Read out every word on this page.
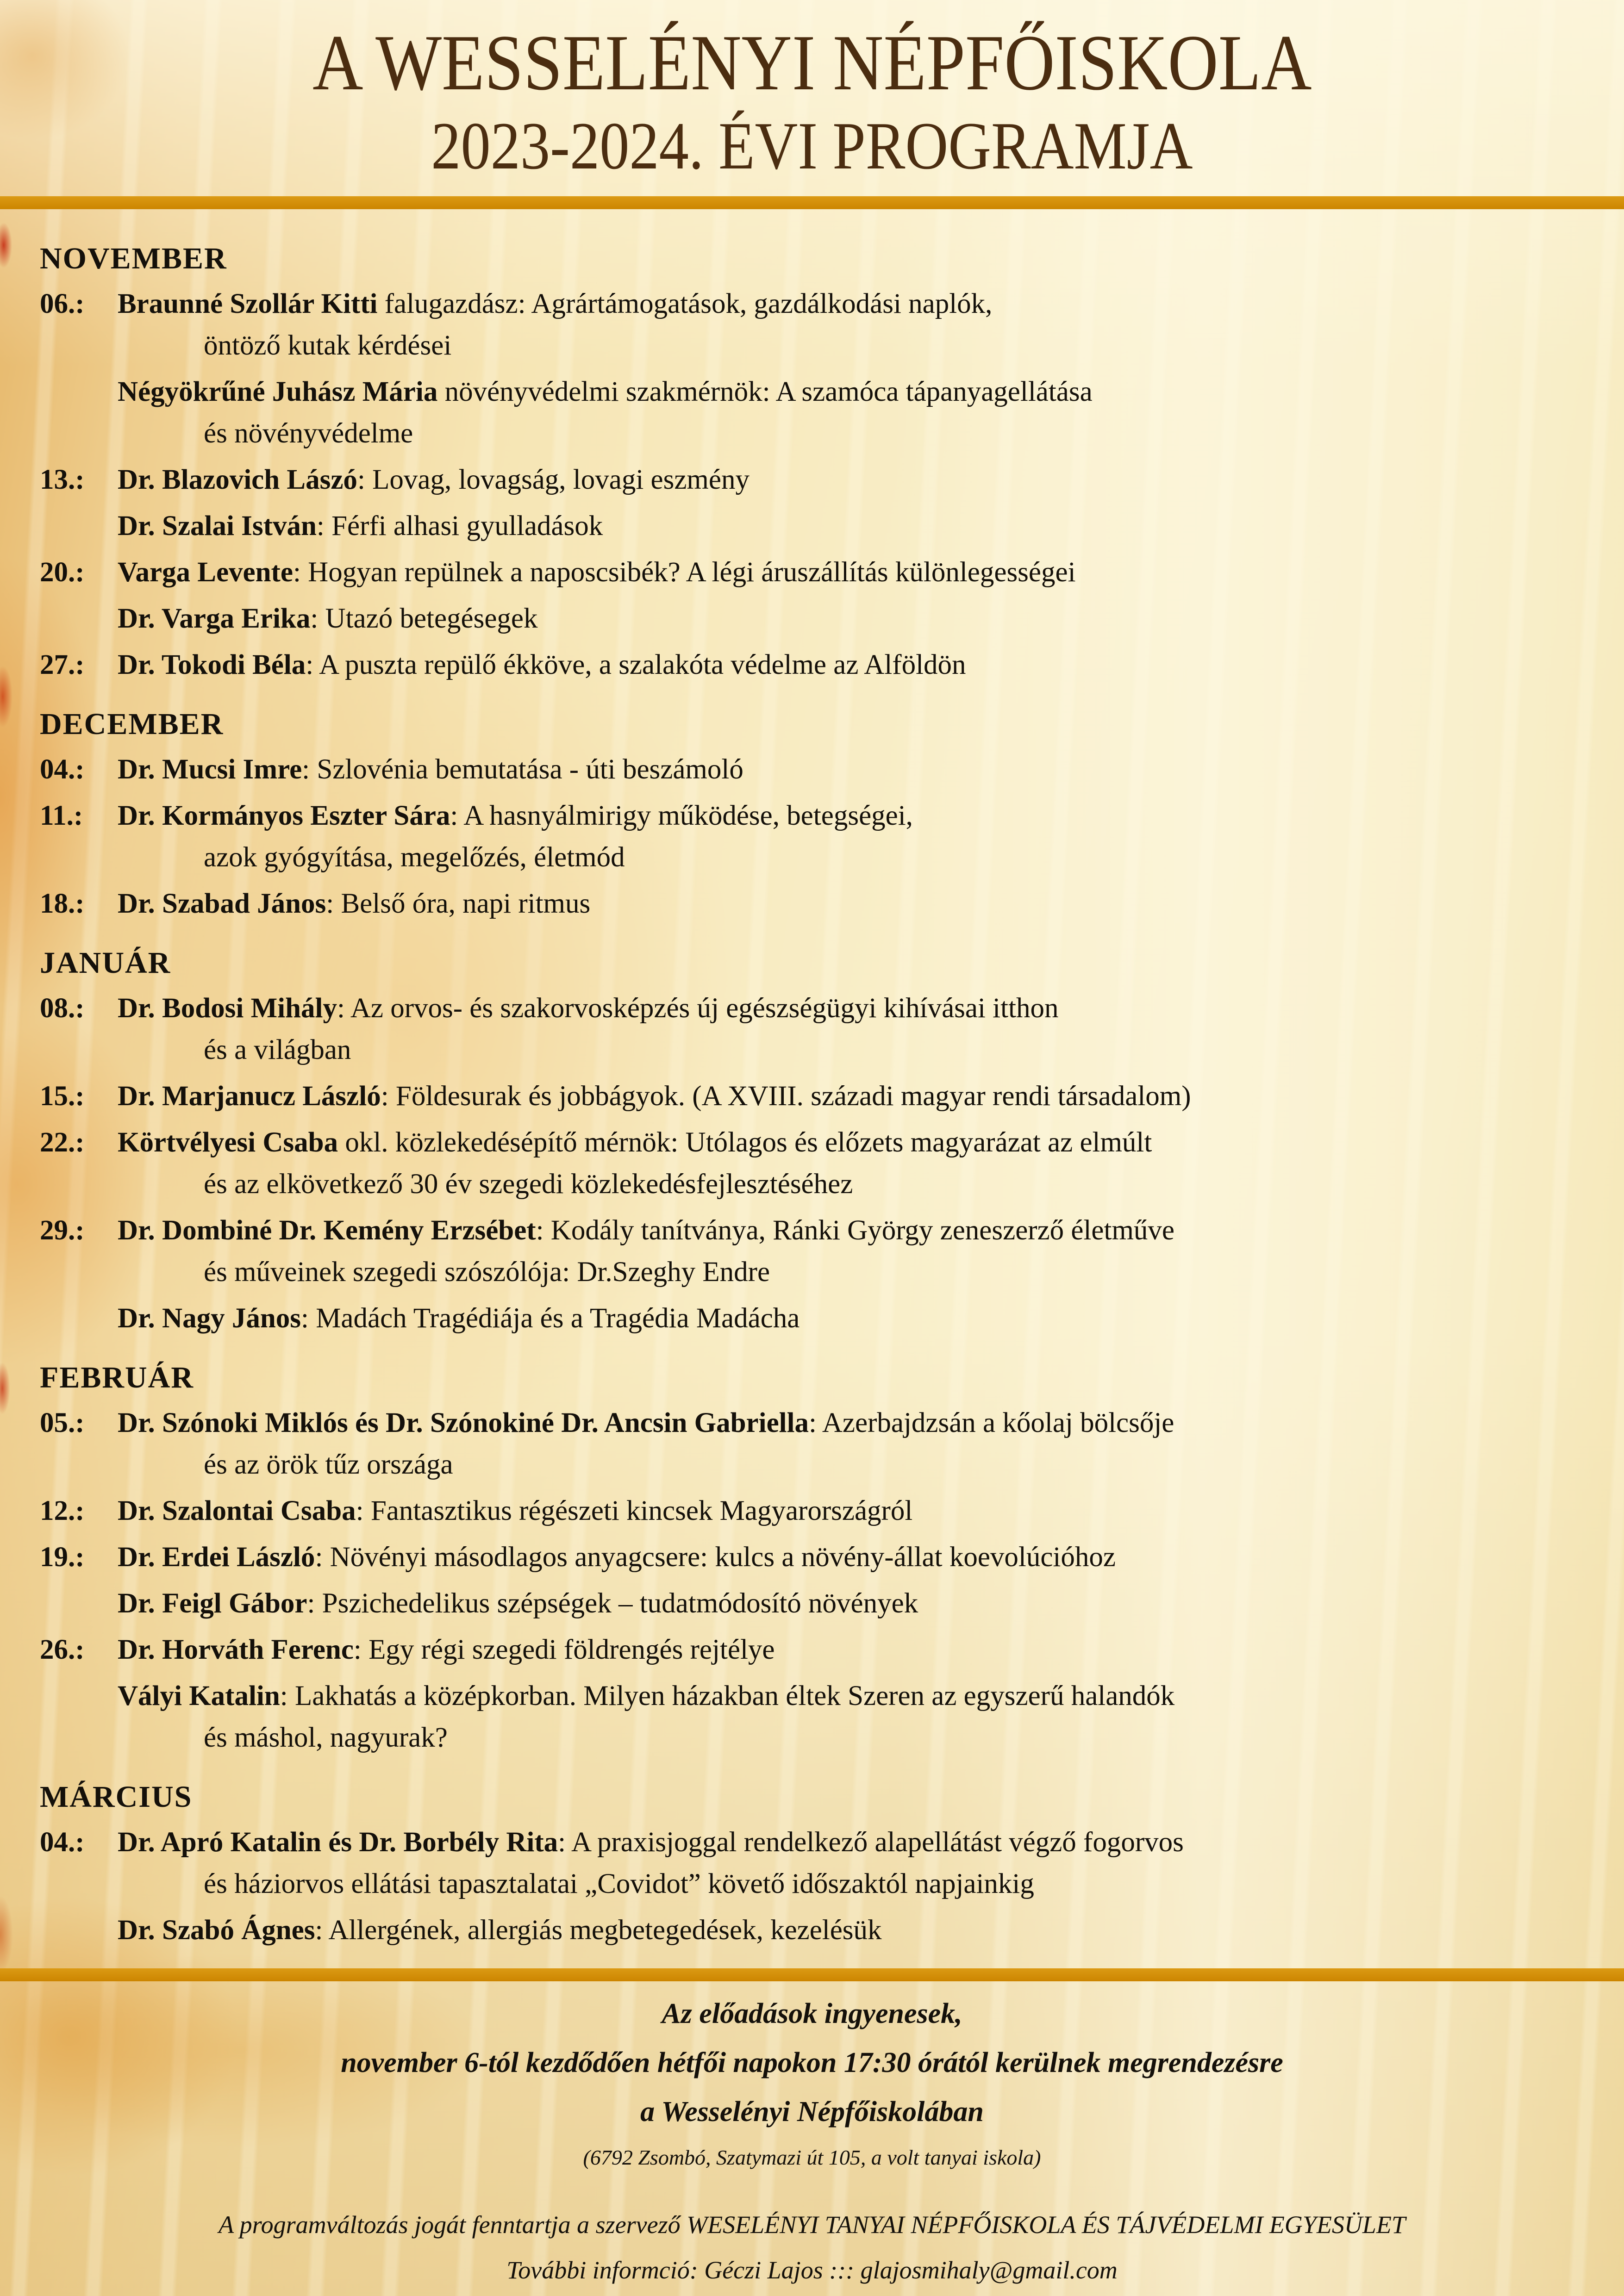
A WESSELÉNYI NÉPFŐISKOLA
2023-2024. ÉVI PROGRAMJA
NOVEMBER
06.:	Braunné Szollár Kitti falugazdász: Agrártámogatások, gazdálkodási naplók,
öntöző kutak kérdései
Négyökrűné Juhász Mária növényvédelmi szakmérnök: A szamóca tápanyagellátása
és növényvédelme
13.:	Dr. Blazovich Lászó: Lovag, lovagság, lovagi eszmény
Dr. Szalai István: Férfi alhasi gyulladások
20.:	Varga Levente: Hogyan repülnek a naposcsibék? A légi áruszállítás különlegességei
Dr. Varga Erika: Utazó betegésegek
27.:	Dr. Tokodi Béla: A puszta repülő ékköve, a szalakóta védelme az Alföldön
DECEMBER
04.:	Dr. Mucsi Imre: Szlovénia bemutatása - úti beszámoló
11.:	Dr. Kormányos Eszter Sára: A hasnyálmirigy működése, betegségei,
azok gyógyítása, megelőzés, életmód
18.:	Dr. Szabad János: Belső óra, napi ritmus
JANUÁR
08.:	Dr. Bodosi Mihály: Az orvos- és szakorvosképzés új egészségügyi kihívásai itthon
és a világban
15.:	Dr. Marjanucz László: Földesurak és jobbágyok. (A XVIII. századi magyar rendi társadalom)
22.:	Körtvélyesi Csaba okl. közlekedésépítő mérnök: Utólagos és előzets magyarázat az elmúlt
és az elkövetkező 30 év szegedi közlekedésfejlesztéséhez
29.:	Dr. Dombiné Dr. Kemény Erzsébet: Kodály tanítványa, Ránki György zeneszerző életműve
és műveinek szegedi szószólója: Dr.Szeghy Endre
Dr. Nagy János: Madách Tragédiája és a Tragédia Madácha
FEBRUÁR
05.:	Dr. Szónoki Miklós és Dr. Szónokiné Dr. Ancsin Gabriella: Azerbajdzsán a kőolaj bölcsője
és az örök tűz országa
12.:	Dr. Szalontai Csaba: Fantasztikus régészeti kincsek Magyarországról
19.:	Dr. Erdei László: Növényi másodlagos anyagcsere: kulcs a növény-állat koevolúcióhoz
Dr. Feigl Gábor: Pszichedelikus szépségek – tudatmódosító növények
26.:	Dr. Horváth Ferenc: Egy régi szegedi földrengés rejtélye
Vályi Katalin: Lakhatás a középkorban. Milyen házakban éltek Szeren az egyszerű halandók
és máshol, nagyurak?
MÁRCIUS
04.:	Dr. Apró Katalin és Dr. Borbély Rita: A praxisjoggal rendelkező alapellátást végző fogorvos
és háziorvos ellátási tapasztalatai „Covidot” követő időszaktól napjainkig
Dr. Szabó Ágnes: Allergének, allergiás megbetegedések, kezelésük

Az előadások ingyenesek,

november 6-tól kezdődően hétfői napokon 17:30 órától kerülnek megrendezésre

a Wesselényi Népfőiskolában

(6792 Zsombó, Szatymazi út 105, a volt tanyai iskola)

A programváltozás jogát fenntartja a szervező WESELÉNYI TANYAI NÉPFŐISKOLA ÉS TÁJVÉDELMI EGYESÜLET

További informció: Géczi Lajos ::: glajosmihaly@gmail.com
